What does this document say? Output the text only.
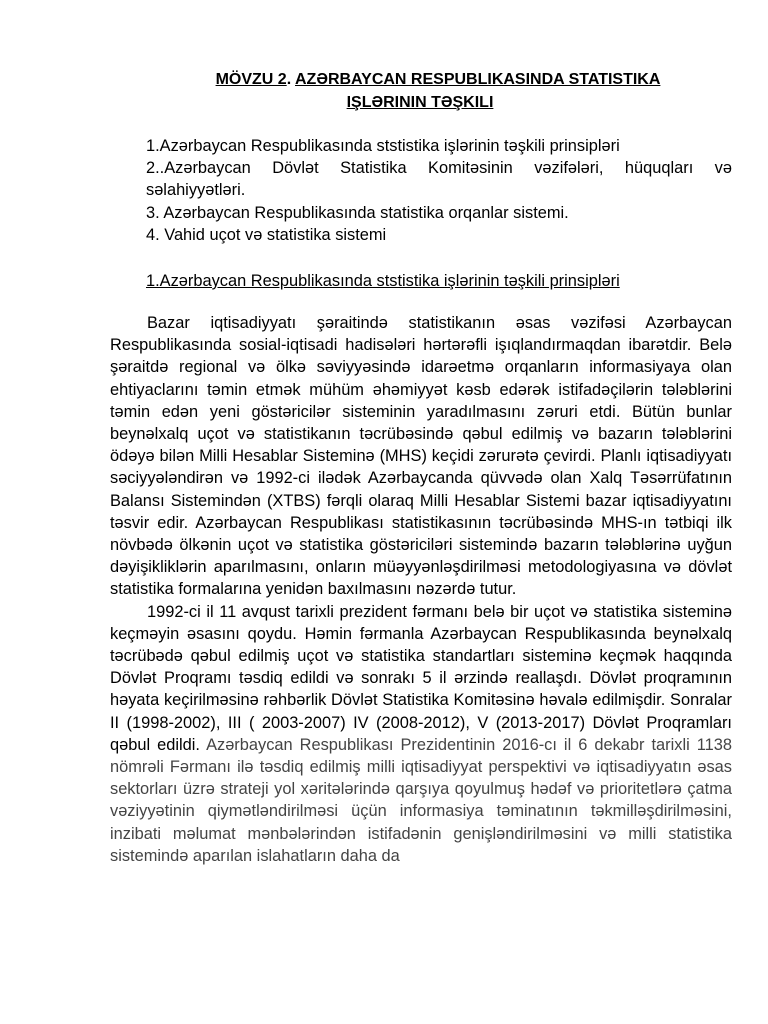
MÖVZU 2. AZƏRBAYCAN RESPUBLIKASINDA STATISTIKA
IŞLƏRININ TƏŞKILI
1.Azərbaycan Respublikasında ststistika işlərinin təşkili prinsipləri
2..Azərbaycan Dövlət Statistika Komitəsinin vəzifələri, hüquqları və səlahiyyətləri.
3. Azərbaycan Respublikasında statistika orqanlar sistemi.
4. Vahid uçot və statistika sistemi
1.Azərbaycan Respublikasında ststistika işlərinin təşkili prinsipləri

Bazar iqtisadiyyatı şəraitində statistikanın əsas vəzifəsi Azərbaycan Respublikasında sosial-iqtisadi hadisələri hərtərəfli işıqlandırmaqdan ibarətdir. Belə şəraitdə regional və ölkə səviyyəsində idarəetmə orqanların informasiyaya olan ehtiyaclarını təmin etmək mühüm əhəmiyyət kəsb edərək istifadəçilərin tələblərini təmin edən yeni göstəricilər sisteminin yaradılmasını zəruri etdi. Bütün bunlar beynəlxalq uçot və statistikanın təcrübəsində qəbul edilmiş və bazarın tələblərini ödəyə bilən Milli Hesablar Sisteminə (MHS) keçidi zərurətə çevirdi. Planlı iqtisadiyyatı səciyyələndirən və 1992-ci ilədək Azərbaycanda qüvvədə olan Xalq Təsərrüfatının Balansı Sistemindən (XTBS) fərqli olaraq Milli Hesablar Sistemi bazar iqtisadiyyatını təsvir edir. Azərbaycan Respublikası statistikasının təcrübəsində MHS-ın tətbiqi ilk növbədə ölkənin uçot və statistika göstəriciləri sistemində bazarın tələblərinə uyğun dəyişikliklərin aparılmasını, onların müəyyənləşdirilməsi metodologiyasına və dövlət statistika formalarına yenidən baxılmasını nəzərdə tutur.

1992-ci il 11 avqust tarixli prezident fərmanı belə bir uçot və statistika sisteminə keçməyin əsasını qoydu. Həmin fərmanla Azərbaycan Respublikasında beynəlxalq təcrübədə qəbul edilmiş uçot və statistika standartları sisteminə keçmək haqqında Dövlət Proqramı təsdiq edildi və sonrakı 5 il ərzində reallaşdı. Dövlət proqramının həyata keçirilməsinə rəhbərlik Dövlət Statistika Komitəsinə həvalə edilmişdir. Sonralar II (1998-2002), III ( 2003-2007) IV (2008-2012), V (2013-2017) Dövlət Proqramları qəbul edildi. Azərbaycan Respublikası Prezidentinin 2016-cı il 6 dekabr tarixli 1138 nömrəli Fərmanı ilə təsdiq edilmiş milli iqtisadiyyat perspektivi və iqtisadiyyatın əsas sektorları üzrə strateji yol xəritələrində qarşıya qoyulmuş hədəf və prioritetlərə çatma vəziyyətinin qiymətləndirilməsi üçün informasiya təminatının təkmilləşdirilməsini, inzibati məlumat mənbələrindən istifadənin genişləndirilməsini və milli statistika sistemində aparılan islahatların daha da
